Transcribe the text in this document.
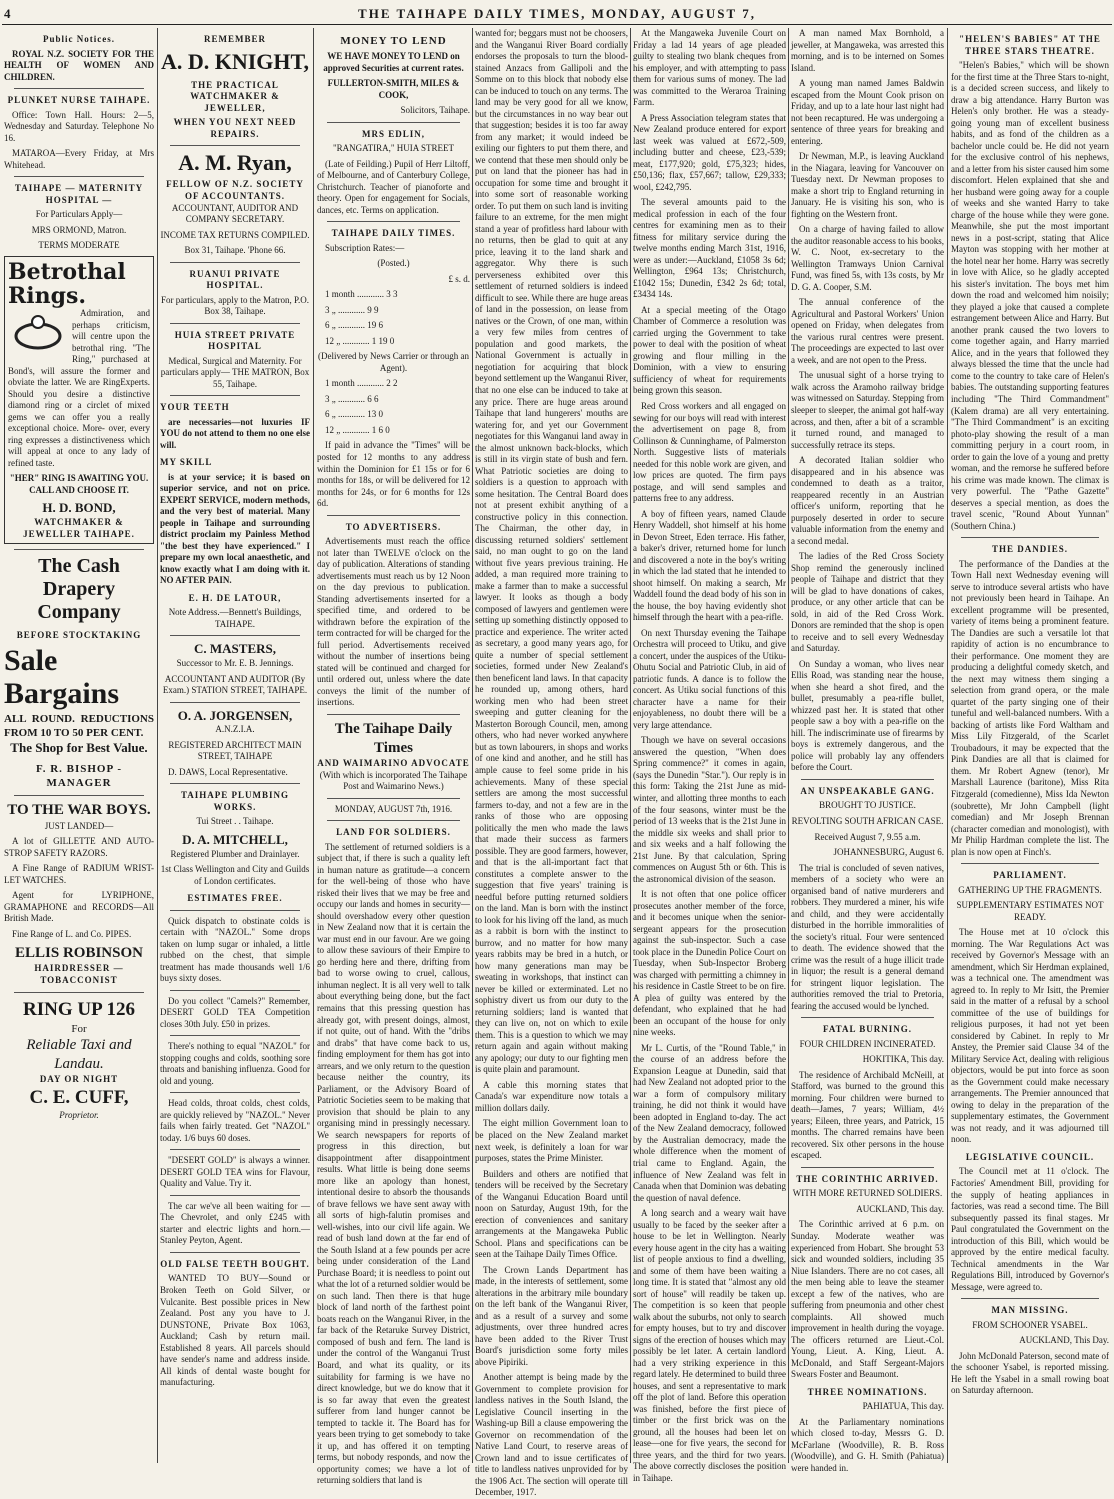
4	THE TAIHAPE DAILY TIMES, MONDAY, AUGUST 7,
Public Notices.

ROYAL N.Z. SOCIETY FOR THE HEALTH OF WOMEN AND CHILDREN.

PLUNKET NURSE TAIHAPE.

Office: Town Hall. Hours: 2—5, Wednesday and Saturday. Telephone No 16.

MATAROA—Every Friday, at Mrs Whitehead.

TAIHAPE — MATERNITY HOSPITAL —

For Particulars Apply—

MRS ORMOND, Matron.

TERMS MODERATE

Betrothal Rings.

Admiration, and perhaps criticism, will centre upon the betrothal ring. "The Ring," purchased at Bond's, will assure the former and obviate the latter. We are RingExperts. Should you desire a distinctive diamond ring or a circlet of mixed gems we can offer you a really exceptional choice. More- over, every ring expresses a distinctiveness which will appeal at once to any lady of refined taste.

"HER" RING IS AWAITING YOU. CALL AND CHOOSE IT.

H. D. BOND,
WATCHMAKER & JEWELLER TAIHAPE.
The Cash Drapery Company
BEFORE STOCKTAKING
Sale
Bargains
ALL ROUND. REDUCTIONS FROM 10 TO 50 PER CENT.
The Shop for Best Value.
F. R. BISHOP - MANAGER
TO THE WAR BOYS.

JUST LANDED—

A lot of GILLETTE AND AUTO-STROP SAFETY RAZORS.

A Fine Range of RADIUM WRIST-LET WATCHES.

Agent for LYRIPHONE, GRAMAPHONE and RECORDS—All British Made.

Fine Range of L. and Co. PIPES.

ELLIS ROBINSON
HAIRDRESSER — TOBACCONIST
RING UP 126
For
Reliable Taxi and Landau.
DAY OR NIGHT
C. E. CUFF,
Proprietor.
REMEMBER
A. D. KNIGHT,
THE PRACTICAL WATCHMAKER & JEWELLER,
WHEN YOU NEXT NEED REPAIRS.
A. M. Ryan,
FELLOW OF N.Z. SOCIETY OF ACCOUNTANTS.

ACCOUNTANT, AUDITOR AND COMPANY SECRETARY.

INCOME TAX RETURNS COMPILED.

Box 31, Taihape. 'Phone 66.

RUANUI PRIVATE HOSPITAL.

For particulars, apply to the Matron, P.O. Box 38, Taihape.

HUIA STREET PRIVATE HOSPITAL

Medical, Surgical and Maternity. For particulars apply— THE MATRON, Box 55, Taihape.

YOUR TEETH

are necessaries—not luxuries IF YOU do not attend to them no one else will.

MY SKILL

is at your service; it is based on superior service, and not on price. EXPERT SERVICE, modern methods, and the very best of material. Many people in Taihape and surrounding district proclaim my Painless Method "the best they have experienced." I prepare my own local anaesthetic, and know exactly what I am doing with it. NO AFTER PAIN.

E. H. DE LATOUR,

Note Address.—Bennett's Buildings, TAIHAPE.

C. MASTERS,

Successor to Mr. E. B. Jennings.

ACCOUNTANT AND AUDITOR (By Exam.) STATION STREET, TAIHAPE.

O. A. JORGENSEN,

A.N.Z.I.A.

REGISTERED ARCHITECT MAIN STREET, TAIHAPE

D. DAWS, Local Representative.

TAIHAPE PLUMBING WORKS.

Tui Street . . Taihape.

D. A. MITCHELL,

Registered Plumber and Drainlayer.

1st Class Wellington and City and Guilds of London certificates.

ESTIMATES FREE.

Quick dispatch to obstinate colds is certain with "NAZOL." Some drops taken on lump sugar or inhaled, a little rubbed on the chest, that simple treatment has made thousands well 1/6 buys sixty doses.

Do you collect "Camels?" Remember, DESERT GOLD TEA Competition closes 30th July. £50 in prizes.

There's nothing to equal "NAZOL" for stopping coughs and colds, soothing sore throats and banishing influenza. Good for old and young.

Head colds, throat colds, chest colds, are quickly relieved by "NAZOL." Never fails when fairly treated. Get "NAZOL" today. 1/6 buys 60 doses.

"DESERT GOLD" is always a winner. DESERT GOLD TEA wins for Flavour, Quality and Value. Try it.

The car we've all been waiting for —The Chevrolet, and only £245 with starter and electric lights and horn.— Stanley Peyton, Agent.

OLD FALSE TEETH BOUGHT.

WANTED TO BUY—Sound or Broken Teeth on Gold Silver, or Vulcanite. Best possible prices in New Zealand. Post any you have to J. DUNSTONE, Private Box 1063, Auckland; Cash by return mail. Established 8 years. All parcels should have sender's name and address inside. All kinds of dental waste bought for manufacturing.

MONEY TO LEND

WE HAVE MONEY TO LEND on approved Securities at current rates.

FULLERTON-SMITH, MILES & COOK,

Solicitors, Taihape.

MRS EDLIN,

"RANGATIRA," HUIA STREET

(Late of Feilding.) Pupil of Herr Liltoff, of Melbourne, and of Canterbury College, Christchurch. Teacher of pianoforte and theory. Open for engagement for Socials, dances, etc. Terms on application.

TAIHAPE DAILY TIMES.

Subscription Rates:—

(Posted.)

£ s. d.

1 month ............ 3 3

3 „ ............ 9 9

6 „ ............ 19 6

12 „ ............ 1 19 0

(Delivered by News Carrier or through an Agent).

1 month ............ 2 2

3 „ ............ 6 6

6 „ ............ 13 0

12 „ ............ 1 6 0

If paid in advance the "Times" will be posted for 12 months to any address within the Dominion for £1 15s or for 6 months for 18s, or will be delivered for 12 months for 24s, or for 6 months for 12s 6d.

TO ADVERTISERS.

Advertisements must reach the office not later than TWELVE o'clock on the day of publication. Alterations of standing advertisements must reach us by 12 Noon on the day previous to publication. Standing advertisements inserted for a specified time, and ordered to be withdrawn before the expiration of the term contracted for will be charged for the full period. Advertisements received without the number of insertions being stated will be continued and charged for until ordered out, unless where the date conveys the limit of the number of insertions.

The Taihape Daily Times
AND WAIMARINO ADVOCATE

(With which is incorporated The Taihape Post and Waimarino News.)

MONDAY, AUGUST 7th, 1916.

LAND FOR SOLDIERS.

The settlement of returned soldiers is a subject that, if there is such a quality left in human nature as gratitude—a concern for the well-being of those who have risked their lives that we may be free and occupy our lands and homes in security—should overshadow every other question in New Zealand now that it is certain the war must end in our favour. Are we going to allow these saviours of their Empire to go herding here and there, drifting from bad to worse owing to cruel, callous, inhuman neglect. It is all very well to talk about everything being done, but the fact remains that this pressing question has already got, with present doings, almost, if not quite, out of hand. With the "dribs and drabs" that have come back to us, finding employment for them has got into arrears, and we only return to the question because neither the country, its Parliament, or the Advisory Board of Patriotic Societies seem to be making that provision that should be plain to any organising mind in pressingly necessary. We search newspapers for reports of progress in this direction, but disappointment after disappointment results. What little is being done seems more like an apology than honest, intentional desire to absorb the thousands of brave fellows we have sent away with all sorts of high-falutin promises and well-wishes, into our civil life again. We read of bush land down at the far end of the South Island at a few pounds per acre being under consideration of the Land Purchase Board; it is needless to point out what the lot of a returned soldier would be on such land. Then there is that huge block of land north of the farthest point boats reach on the Wanganui River, in the far back of the Retaruke Survey District, composed of bush and fern. The land is under the control of the Wanganui Trust Board, and what its quality, or its suitability for farming is we have no direct knowledge, but we do know that it is so far away that even the greatest sufferer from land hunger cannot be tempted to tackle it. The Board has for years been trying to get somebody to take it up, and has offered it on tempting terms, but nobody responds, and now the opportunity comes; we have a lot of returning soldiers that land is

wanted for; beggars must not be choosers, and the Wanganui River Board cordially endorses the proposals to turn the blood-stained Anzacs from Gallipoli and the Somme on to this block that nobody else can be induced to touch on any terms. The land may be very good for all we know, but the circumstances in no way bear out that suggestion; besides it is too far away from any market; it would indeed be exiling our fighters to put them there, and we contend that these men should only be put on land that the pioneer has had in occupation for some time and brought it into some sort of reasonable working order. To put them on such land is inviting failure to an extreme, for the men might stand a year of profitless hard labour with no returns, then be glad to quit at any price, leaving it to the land shark and aggregator. Why there is such perverseness exhibited over this settlement of returned soldiers is indeed difficult to see. While there are huge areas of land in the possession, on lease from natives or the Crown, of one man, within a very few miles from centres of population and good markets, the National Government is actually in negotiation for acquiring that block beyond settlement up the Wanganui River, that no one else can be induced to take at any price. There are huge areas around Taihape that land hungerers' mouths are watering for, and yet our Government negotiates for this Wanganui land away in the almost unknown back-blocks, which is still in its virgin state of bush and fern. What Patriotic societies are doing to soldiers is a question to approach with some hesitation. The Central Board does not at present exhibit anything of a constructive policy in this connection. The Chairman, the other day, in discussing returned soldiers' settlement said, no man ought to go on the land without five years previous training. He added, a man required more training to make a farmer than to make a successful lawyer. It looks as though a body composed of lawyers and gentlemen were setting up something distinctly opposed to practice and experience. The writer acted as secretary, a good many years ago, for quite a number of special settlement societies, formed under New Zealand's then beneficent land laws. In that capacity he rounded up, among others, hard working men who had been street sweeping and gutter cleaning for the Masterton Borough Council, men, among others, who had never worked anywhere but as town labourers, in shops and works of one kind and another, and he still has ample cause to feel some pride in his achievements. Many of these special settlers are among the most successful farmers to-day, and not a few are in the ranks of those who are opposing politically the men who made the laws that made their success as farmers possible. They are good farmers, however, and that is the all-important fact that constitutes a complete answer to the suggestion that five years' training is needful before putting returned soldiers on the land. Man is born with the instinct to look for his living off the land, as much as a rabbit is born with the instinct to burrow, and no matter for how many years rabbits may be bred in a hutch, or how many generations man may be sweating in workshops, that instinct can never be killed or exterminated. Let no sophistry divert us from our duty to the returning soldiers; land is wanted that they can live on, not on which to exile them. This is a question to which we may return again and again without making any apology; our duty to our fighting men is quite plain and paramount.

A cable this morning states that Canada's war expenditure now totals a million dollars daily.

The eight million Government loan to be placed on the New Zealand market next week, is definitely a loan for war purposes, states the Prime Minister.

Builders and others are notified that tenders will be received by the Secretary of the Wanganui Education Board until noon on Saturday, August 19th, for the erection of conveniences and sanitary arrangements at the Mangaweka Public School. Plans and specifications can be seen at the Taihape Daily Times Office.

The Crown Lands Department has made, in the interests of settlement, some alterations in the arbitrary mile boundary on the left bank of the Wanganui River, and as a result of a survey and some adjustments, over three hundred acres have been added to the River Trust Board's jurisdiction some forty miles above Pipiriki.

Another attempt is being made by the Government to complete provision for landless natives in the South Island, the Legislative Council inserting in the Washing-up Bill a clause empowering the Governor on recommendation of the Native Land Court, to reserve areas of Crown land and to issue certificates of title to landless natives unprovided for by the 1906 Act. The section will operate till December, 1917.

At the Mangaweka Juvenile Court on Friday a lad 14 years of age pleaded guilty to stealing two blank cheques from his employer, and with attempting to pass them for various sums of money. The lad was committed to the Weraroa Training Farm.

A Press Association telegram states that New Zealand produce entered for export last week was valued at £672,-509, including butter and cheese, £23,-539; meat, £177,920; gold, £75,323; hides, £50,136; flax, £57,667; tallow, £29,333; wool, £242,795.

The several amounts paid to the medical profession in each of the four centres for examining men as to their fitness for military service during the twelve months ending March 31st, 1916, were as under:—Auckland, £1058 3s 6d; Wellington, £964 13s; Christchurch, £1042 15s; Dunedin, £342 2s 6d; total, £3434 14s.

At a special meeting of the Otago Chamber of Commerce a resolution was carried urging the Government to take power to deal with the position of wheat growing and flour milling in the Dominion, with a view to ensuring sufficiency of wheat for requirements being grown this season.

Red Cross workers and all engaged on sewing for our boys will read with interest the advertisement on page 8, from Collinson & Cunninghame, of Palmerston North. Suggestive lists of materials needed for this noble work are given, and low prices are quoted. The firm pays postage, and will send samples and patterns free to any address.

A boy of fifteen years, named Claude Henry Waddell, shot himself at his home in Devon Street, Eden terrace. His father, a baker's driver, returned home for lunch and discovered a note in the boy's writing in which the lad stated that he intended to shoot himself. On making a search, Mr Waddell found the dead body of his son in the house, the boy having evidently shot himself through the heart with a pea-rifle.

On next Thursday evening the Taihape Orchestra will proceed to Utiku, and give a concert, under the auspices of the Utiku-Ohutu Social and Patriotic Club, in aid of patriotic funds. A dance is to follow the concert. As Utiku social functions of this character have a name for their enjoyableness, no doubt there will be a very large attendance.

Though we have on several occasions answered the question, "When does Spring commence?" it comes in again, (says the Dunedin "Star."). Our reply is in this form: Taking the 21st June as mid-winter, and allotting three months to each of the four seasons, winter must be the period of 13 weeks that is the 21st June in the middle six weeks and shall prior to and six weeks and a half following the 21st June. By that calculation, Spring commences on August 5th or 6th. This is the astronomical division of the season.

It is not often that one police officer prosecutes another member of the force, and it becomes unique when the senior-sergeant appears for the prosecution against the sub-inspector. Such a case took place in the Dunedin Police Court on Tuesday, when Sub-Inspector Broberg was charged with permitting a chimney in his residence in Castle Street to be on fire. A plea of guilty was entered by the defendant, who explained that he had been an occupant of the house for only nine weeks.

Mr L. Curtis, of the "Round Table," in the course of an address before the Expansion League at Dunedin, said that had New Zealand not adopted prior to the war a form of compulsory military training, he did not think it would have been adopted in England to-day. The act of the New Zealand democracy, followed by the Australian democracy, made the whole difference when the moment of trial came to England. Again, the influence of New Zealand was felt in Canada when that Dominion was debating the question of naval defence.

A long search and a weary wait have usually to be faced by the seeker after a house to be let in Wellington. Nearly every house agent in the city has a waiting list of people anxious to find a dwelling, and some of them have been waiting a long time. It is stated that "almost any old sort of house" will readily be taken up. The competition is so keen that people walk about the suburbs, not only to search for empty houses, but to try and discover signs of the erection of houses which may possibly be let later. A certain landlord had a very striking experience in this regard lately. He determined to build three houses, and sent a representative to mark off the plot of land. Before this operation was finished, before the first piece of timber or the first brick was on the ground, all the houses had been let on lease—one for five years, the second for three years, and the third for two years. The above correctly discloses the position in Taihape.

A man named Max Bornhold, a jeweller, at Mangaweka, was arrested this morning, and is to be interned on Somes Island.

A young man named James Baldwin escaped from the Mount Cook prison on Friday, and up to a late hour last night had not been recaptured. He was undergoing a sentence of three years for breaking and entering.

Dr Newman, M.P., is leaving Auckland in the Niagara, leaving for Vancouver on Tuesday next. Dr Newman proposes to make a short trip to England returning in January. He is visiting his son, who is fighting on the Western front.

On a charge of having failed to allow the auditor reasonable access to his books, W. C. Noot, ex-secretary to the Wellington Tramways Union Carnival Fund, was fined 5s, with 13s costs, by Mr D. G. A. Cooper, S.M.

The annual conference of the Agricultural and Pastoral Workers' Union opened on Friday, when delegates from the various rural centres were present. The proceedings are expected to last over a week, and are not open to the Press.

The unusual sight of a horse trying to walk across the Aramoho railway bridge was witnessed on Saturday. Stepping from sleeper to sleeper, the animal got half-way across, and then, after a bit of a scramble it turned round, and managed to successfully retrace its steps.

A decorated Italian soldier who disappeared and in his absence was condemned to death as a traitor, reappeared recently in an Austrian officer's uniform, reporting that he purposely deserted in order to secure valuable information from the enemy and a second medal.

The ladies of the Red Cross Society Shop remind the generously inclined people of Taihape and district that they will be glad to have donations of cakes, produce, or any other article that can be sold, in aid of the Red Cross Work. Donors are reminded that the shop is open to receive and to sell every Wednesday and Saturday.

On Sunday a woman, who lives near Ellis Road, was standing near the house, when she heard a shot fired, and the bullet, presumably a pea-rifle bullet, whizzed past her. It is stated that other people saw a boy with a pea-rifle on the hill. The indiscriminate use of firearms by boys is extremely dangerous, and the police will probably lay any offenders before the Court.

AN UNSPEAKABLE GANG.

BROUGHT TO JUSTICE.

REVOLTING SOUTH AFRICAN CASE.

Received August 7, 9.55 a.m.

JOHANNESBURG, August 6.

The trial is concluded of seven natives, members of a society who were an organised band of native murderers and robbers. They murdered a miner, his wife and child, and they were accidentally disturbed in the horrible immoralities of the society's ritual. Four were sentenced to death. The evidence showed that the crime was the result of a huge illicit trade in liquor; the result is a general demand for stringent liquor legislation. The authorities removed the trial to Pretoria, fearing the accused would be lynched.

FATAL BURNING.

FOUR CHILDREN INCINERATED.

HOKITIKA, This day.

The residence of Archibald McNeill, at Stafford, was burned to the ground this morning. Four children were burned to death—James, 7 years; William, 4½ years; Eileen, three years, and Patrick, 15 months. The charred remains have been recovered. Six other persons in the house escaped.

THE CORINTHIC ARRIVED.

WITH MORE RETURNED SOLDIERS.

AUCKLAND, This day.

The Corinthic arrived at 6 p.m. on Sunday. Moderate weather was experienced from Hobart. She brought 53 sick and wounded soldiers, including 35 Niue Islanders. There are no cot cases, all the men being able to leave the steamer except a few of the natives, who are suffering from pneumonia and other chest complaints. All showed much improvement in health during the voyage. The officers returned are Lieut.-Col. Young, Lieut. A. King, Lieut. A. McDonald, and Staff Sergeant-Majors Swears Foster and Beaumont.

THREE NOMINATIONS.

PAHIATUA, This day.

At the Parliamentary nominations which closed to-day, Messrs G. D. McFarlane (Woodville), R. B. Ross (Woodville), and G. H. Smith (Pahiatua) were handed in.

"HELEN'S BABIES" AT THE THREE STARS THEATRE.

"Helen's Babies," which will be shown for the first time at the Three Stars to-night, is a decided screen success, and likely to draw a big attendance. Harry Burton was Helen's only brother. He was a steady-going young man of excellent business habits, and as fond of the children as a bachelor uncle could be. He did not yearn for the exclusive control of his nephews, and a letter from his sister caused him some discomfort. Helen explained that she and her husband were going away for a couple of weeks and she wanted Harry to take charge of the house while they were gone. Meanwhile, she put the most important news in a post-script, stating that Alice Mayton was stopping with her mother at the hotel near her home. Harry was secretly in love with Alice, so he gladly accepted his sister's invitation. The boys met him down the road and welcomed him noisily; they played a joke that caused a complete estrangement between Alice and Harry. But another prank caused the two lovers to come together again, and Harry married Alice, and in the years that followed they always blessed the time that the uncle had come to the country to take care of Helen's babies. The outstanding supporting features including "The Third Commandment" (Kalem drama) are all very entertaining. "The Third Commandment" is an exciting photo-play showing the result of a man committing perjury in a court room, in order to gain the love of a young and pretty woman, and the remorse he suffered before his crime was made known. The climax is very powerful. The "Pathe Gazette" deserves a special mention, as does the travel scenic, "Round About Yunnan" (Southern China.)

THE DANDIES.

The performance of the Dandies at the Town Hall next Wednesday evening will serve to introduce several artists who have not previously been heard in Taihape. An excellent programme will be presented, variety of items being a prominent feature. The Dandies are such a versatile lot that rapidity of action is no encumbrance to their performance. One moment they are producing a delightful comedy sketch, and the next may witness them singing a selection from grand opera, or the male quartet of the party singing one of their tuneful and well-balanced numbers. With a backing of artists like Ford Waltham and Miss Lily Fitzgerald, of the Scarlet Troubadours, it may be expected that the Pink Dandies are all that is claimed for them. Mr Robert Agnew (tenor), Mr Marshall Laurence (baritone), Miss Rita Fitzgerald (comedienne), Miss Ida Newton (soubrette), Mr John Campbell (light comedian) and Mr Joseph Brennan (character comedian and monologist), with Mr Philip Hardman complete the list. The plan is now open at Finch's.

PARLIAMENT.

GATHERING UP THE FRAGMENTS.

SUPPLEMENTARY ESTIMATES NOT READY.

The House met at 10 o'clock this morning. The War Regulations Act was received by Governor's Message with an amendment, which Sir Herdman explained, was a technical one. The amendment was agreed to. In reply to Mr Isitt, the Premier said in the matter of a refusal by a school committee of the use of buildings for religious purposes, it had not yet been considered by Cabinet. In reply to Mr Anstey, the Premier said Clause 34 of the Military Service Act, dealing with religious objectors, would be put into force as soon as the Government could make necessary arrangements. The Premier announced that owing to delay in the preparation of the supplementary estimates, the Government was not ready, and it was adjourned till noon.

LEGISLATIVE COUNCIL.

The Council met at 11 o'clock. The Factories' Amendment Bill, providing for the supply of heating appliances in factories, was read a second time. The Bill subsequently passed its final stages. Mr Paul congratulated the Government on the introduction of this Bill, which would be approved by the entire medical faculty. Technical amendments in the War Regulations Bill, introduced by Governor's Message, were agreed to.

MAN MISSING.

FROM SCHOONER YSABEL.

AUCKLAND, This Day.

John McDonald Paterson, second mate of the schooner Ysabel, is reported missing. He left the Ysabel in a small rowing boat on Saturday afternoon.
